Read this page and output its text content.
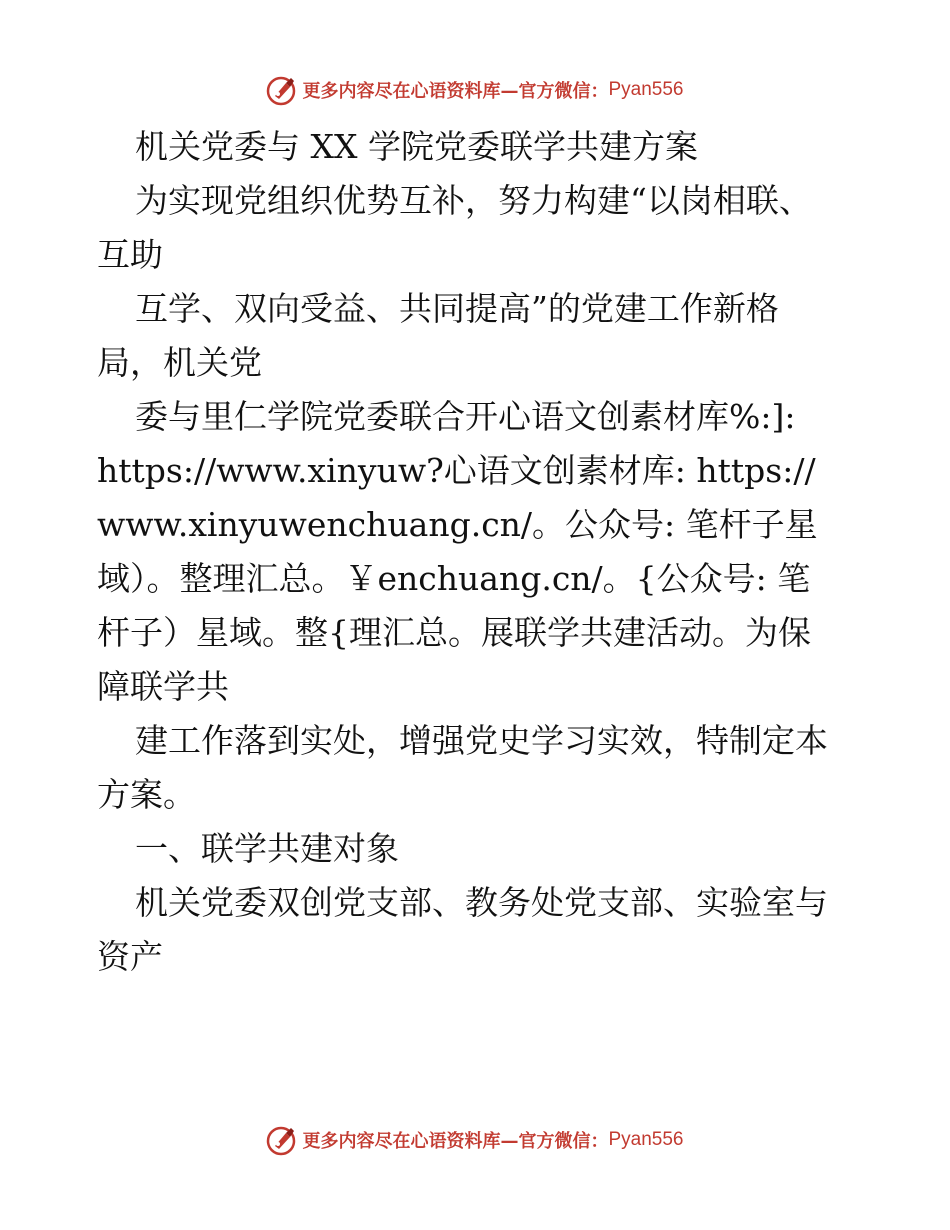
更多内容尽在心语资料库—官方微信： Pyan556
机关党委与 XX 学院党委联学共建方案
为实现党组织优势互补，努力构建“以岗相联、
互助
互学、双向受益、共同提高”的党建工作新格
局，机关党
委与里仁学院党委联合开心语文创素材库%:]:
https://www.xinyuw?心语文创素材库: https://
www.xinyuwenchuang.cn/。公众号: 笔杆子星
域）。整理汇总。￥enchuang.cn/。{公众号: 笔
杆子）星域。整{理汇总。展联学共建活动。为保
障联学共
建工作落到实处，增强党史学习实效，特制定本
方案。
一、联学共建对象
机关党委双创党支部、教务处党支部、实验室与
资产
更多内容尽在心语资料库—官方微信： Pyan556
